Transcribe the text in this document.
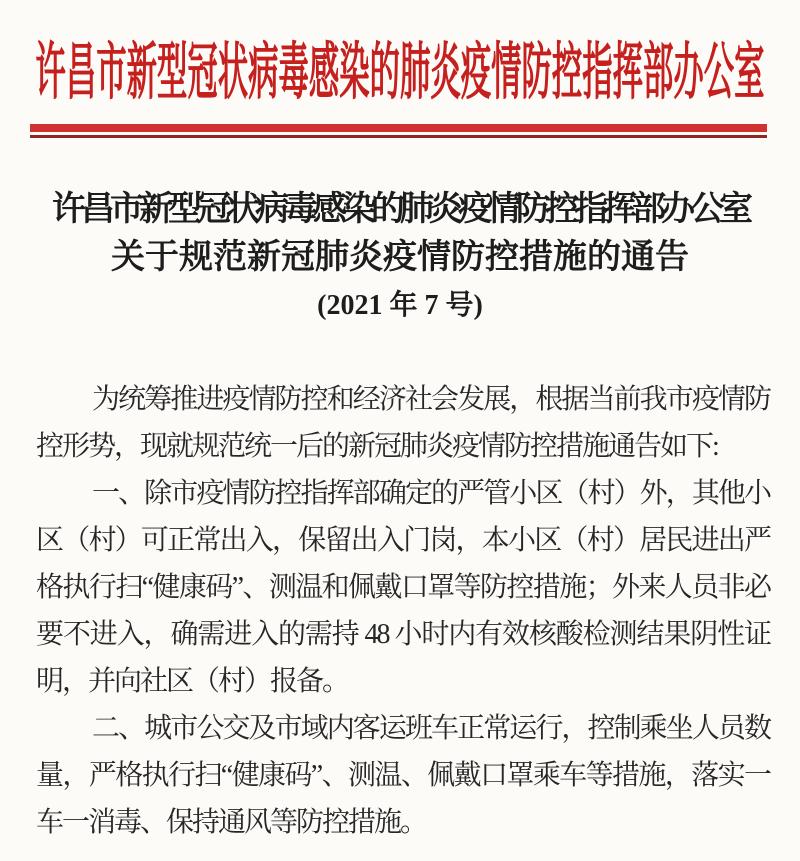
许昌市新型冠状病毒感染的肺炎疫情防控指挥部办公室
许昌市新型冠状病毒感染的肺炎疫情防控指挥部办公室
关于规范新冠肺炎疫情防控措施的通告
(2021 年 7 号)

为统筹推进疫情防控和经济社会发展，根据当前我市疫情防控形势，现就规范统一后的新冠肺炎疫情防控措施通告如下:

一、除市疫情防控指挥部确定的严管小区（村）外，其他小区（村）可正常出入，保留出入门岗，本小区（村）居民进出严格执行扫“健康码”、测温和佩戴口罩等防控措施；外来人员非必要不进入，确需进入的需持 48 小时内有效核酸检测结果阴性证明，并向社区（村）报备。

二、城市公交及市域内客运班车正常运行，控制乘坐人员数量，严格执行扫“健康码”、测温、佩戴口罩乘车等措施，落实一车一消毒、保持通风等防控措施。
